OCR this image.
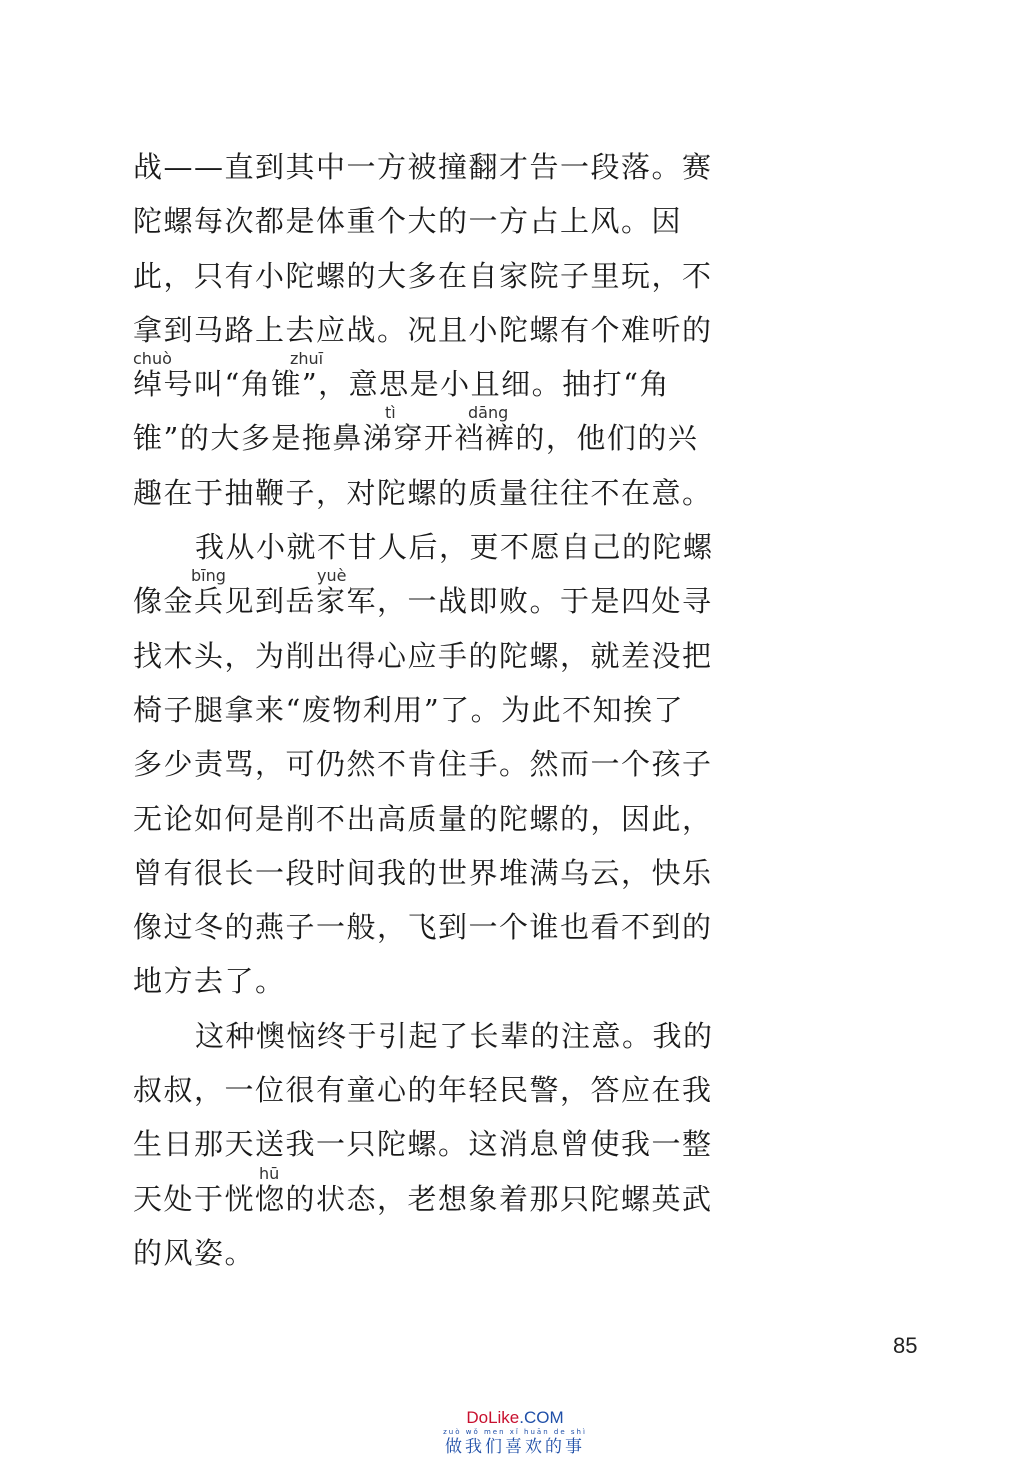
战——直到其中一方被撞翻才告一段落。赛
陀螺每次都是体重个大的一方占上风。因
此，只有小陀螺的大多在自家院子里玩，不
拿到马路上去应战。况且小陀螺有个难听的
chuò	zhuī
绰号叫“角锥”，意思是小且细。抽打“角
tì	dāng
锥”的大多是拖鼻涕穿开裆裤的，他们的兴
趣在于抽鞭子，对陀螺的质量往往不在意。
我从小就不甘人后，更不愿自己的陀螺
bīng	yuè
像金兵见到岳家军，一战即败。于是四处寻
找木头，为削出得心应手的陀螺，就差没把
椅子腿拿来“废物利用”了。为此不知挨了
多少责骂，可仍然不肯住手。然而一个孩子
无论如何是削不出高质量的陀螺的，因此，
曾有很长一段时间我的世界堆满乌云，快乐
像过冬的燕子一般，飞到一个谁也看不到的
地方去了。
这种懊恼终于引起了长辈的注意。我的
叔叔，一位很有童心的年轻民警，答应在我
生日那天送我一只陀螺。这消息曾使我一整
hū
天处于恍惚的状态，老想象着那只陀螺英武
的风姿。
85
DoLike.COM
zuò wǒ men xǐ huān de shì
做我们喜欢的事
